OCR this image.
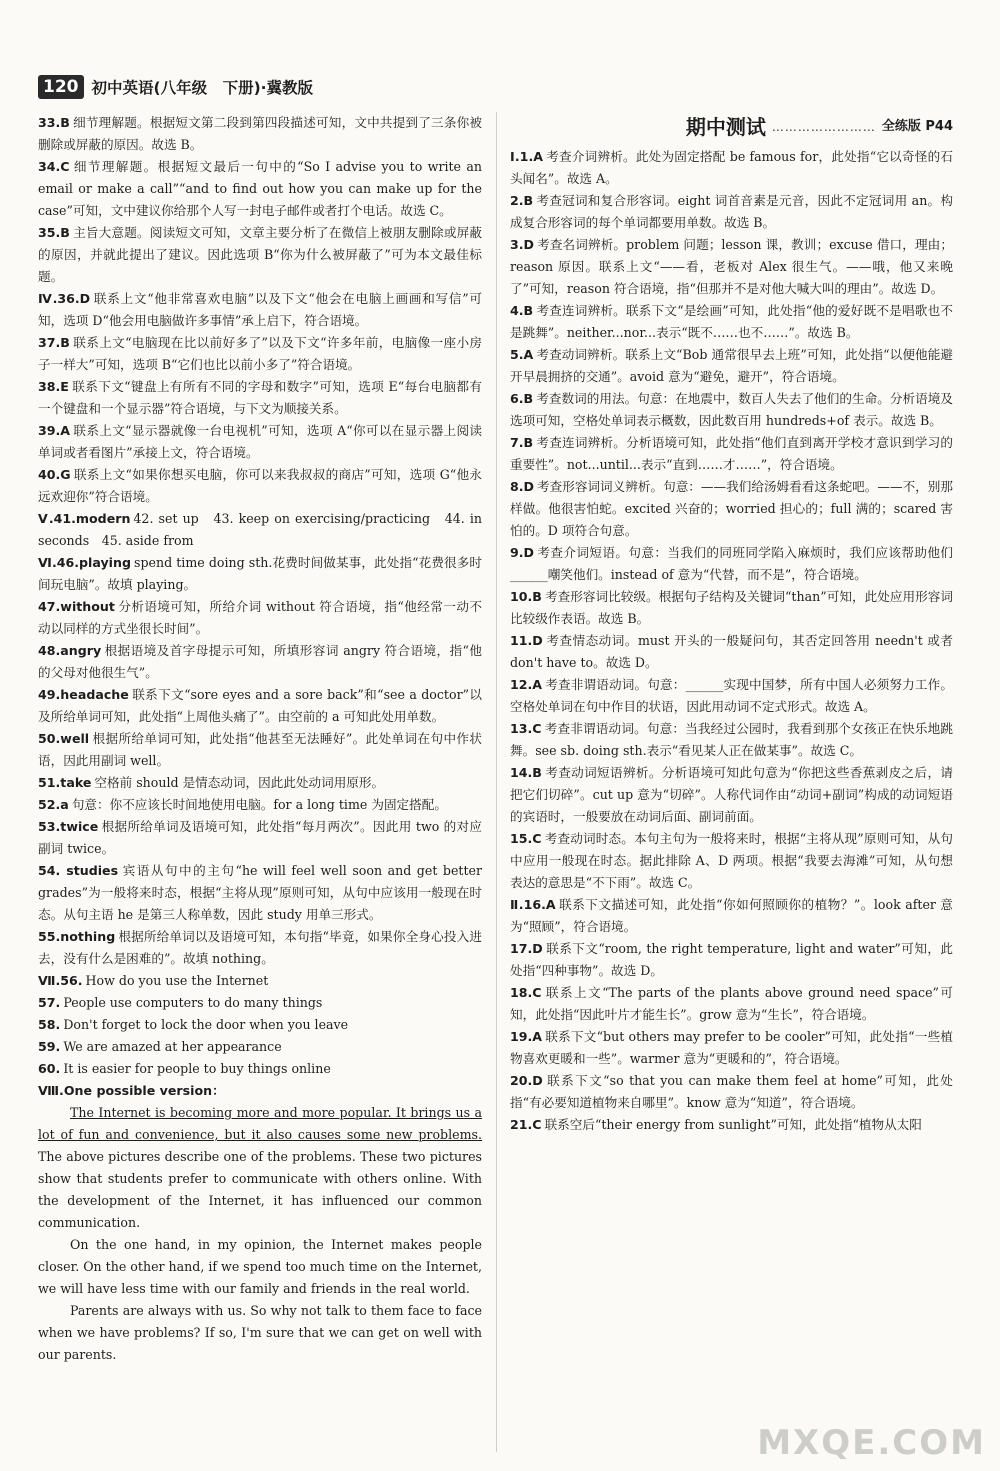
120 初中英语(八年级　下册)·冀教版

33.B 细节理解题。根据短文第二段到第四段描述可知，文中共提到了三条你被删除或屏蔽的原因。故选 B。

34.C 细节理解题。根据短文最后一句中的“So I advise you to write an email or make a call”“and to find out how you can make up for the case”可知，文中建议你给那个人写一封电子邮件或者打个电话。故选 C。

35.B 主旨大意题。阅读短文可知，文章主要分析了在微信上被朋友删除或屏蔽的原因，并就此提出了建议。因此选项 B“你为什么被屏蔽了”可为本文最佳标题。

Ⅳ.36.D 联系上文“他非常喜欢电脑”以及下文“他会在电脑上画画和写信”可知，选项 D“他会用电脑做许多事情”承上启下，符合语境。

37.B 联系上文“电脑现在比以前好多了”以及下文“许多年前，电脑像一座小房子一样大”可知，选项 B“它们也比以前小多了”符合语境。

38.E 联系下文“键盘上有所有不同的字母和数字”可知，选项 E“每台电脑都有一个键盘和一个显示器”符合语境，与下文为顺接关系。

39.A 联系上文“显示器就像一台电视机”可知，选项 A“你可以在显示器上阅读单词或者看图片”承接上文，符合语境。

40.G 联系上文“如果你想买电脑，你可以来我叔叔的商店”可知，选项 G“他永远欢迎你”符合语境。

Ⅴ.41.modern 42. set up　43. keep on exercising/practicing　44. in seconds　45. aside from

Ⅵ.46.playing spend time doing sth.花费时间做某事，此处指“花费很多时间玩电脑”。故填 playing。

47.without 分析语境可知，所给介词 without 符合语境，指“他经常一动不动以同样的方式坐很长时间”。

48.angry 根据语境及首字母提示可知，所填形容词 angry 符合语境，指“他的父母对他很生气”。

49.headache 联系下文“sore eyes and a sore back”和“see a doctor”以及所给单词可知，此处指“上周他头痛了”。由空前的 a 可知此处用单数。

50.well 根据所给单词可知，此处指“他甚至无法睡好”。此处单词在句中作状语，因此用副词 well。

51.take 空格前 should 是情态动词，因此此处动词用原形。

52.a 句意：你不应该长时间地使用电脑。for a long time 为固定搭配。

53.twice 根据所给单词及语境可知，此处指“每月两次”。因此用 two 的对应副词 twice。

54. studies 宾语从句中的主句“he will feel well soon and get better grades”为一般将来时态，根据“主将从现”原则可知，从句中应该用一般现在时态。从句主语 he 是第三人称单数，因此 study 用单三形式。

55.nothing 根据所给单词以及语境可知，本句指“毕竟，如果你全身心投入进去，没有什么是困难的”。故填 nothing。

Ⅶ.56. How do you use the Internet

57. People use computers to do many things

58. Don't forget to lock the door when you leave

59. We are amazed at her appearance

60. It is easier for people to buy things online

Ⅷ.One possible version：

The Internet is becoming more and more popular. It brings us a lot of fun and convenience, but it also causes some new problems. The above pictures describe one of the problems. These two pictures show that students prefer to communicate with others online. With the development of the Internet, it has influenced our common communication.

On the one hand, in my opinion, the Internet makes people closer. On the other hand, if we spend too much time on the Internet, we will have less time with our family and friends in the real world.

Parents are always with us. So why not talk to them face to face when we have problems? If so, I'm sure that we can get on well with our parents.

期中测试 …………………… 全练版 P44

Ⅰ.1.A 考查介词辨析。此处为固定搭配 be famous for，此处指“它以奇怪的石头闻名”。故选 A。

2.B 考查冠词和复合形容词。eight 词首音素是元音，因此不定冠词用 an。构成复合形容词的每个单词都要用单数。故选 B。

3.D 考查名词辨析。problem 问题；lesson 课，教训；excuse 借口，理由；reason 原因。联系上文“——看，老板对 Alex 很生气。——哦，他又来晚了”可知，reason 符合语境，指“但那并不是对他大喊大叫的理由”。故选 D。

4.B 考查连词辨析。联系下文“是绘画”可知，此处指“他的爱好既不是唱歌也不是跳舞”。neither...nor...表示“既不……也不……”。故选 B。

5.A 考查动词辨析。联系上文“Bob 通常很早去上班”可知，此处指“以便他能避开早晨拥挤的交通”。avoid 意为“避免，避开”，符合语境。

6.B 考查数词的用法。句意：在地震中，数百人失去了他们的生命。分析语境及选项可知，空格处单词表示概数，因此数百用 hundreds+of 表示。故选 B。

7.B 考查连词辨析。分析语境可知，此处指“他们直到离开学校才意识到学习的重要性”。not...until...表示“直到……才……”，符合语境。

8.D 考查形容词词义辨析。句意：——我们给汤姆看看这条蛇吧。——不，别那样做。他很害怕蛇。excited 兴奋的；worried 担心的；full 满的；scared 害怕的。D 项符合句意。

9.D 考查介词短语。句意：当我们的同班同学陷入麻烦时，我们应该帮助他们______嘲笑他们。instead of 意为“代替，而不是”，符合语境。

10.B 考查形容词比较级。根据句子结构及关键词“than”可知，此处应用形容词比较级作表语。故选 B。

11.D 考查情态动词。must 开头的一般疑问句，其否定回答用 needn't 或者 don't have to。故选 D。

12.A 考查非谓语动词。句意：______实现中国梦，所有中国人必须努力工作。空格处单词在句中作目的状语，因此用动词不定式形式。故选 A。

13.C 考查非谓语动词。句意：当我经过公园时，我看到那个女孩正在快乐地跳舞。see sb. doing sth.表示“看见某人正在做某事”。故选 C。

14.B 考查动词短语辨析。分析语境可知此句意为“你把这些香蕉剥皮之后，请把它们切碎”。cut up 意为“切碎”。人称代词作由“动词+副词”构成的动词短语的宾语时，一般要放在动词后面、副词前面。

15.C 考查动词时态。本句主句为一般将来时，根据“主将从现”原则可知，从句中应用一般现在时态。据此排除 A、D 两项。根据“我要去海滩”可知，从句想表达的意思是“不下雨”。故选 C。

Ⅱ.16.A 联系下文描述可知，此处指“你如何照顾你的植物？”。look after 意为“照顾”，符合语境。

17.D 联系下文“room, the right temperature, light and water”可知，此处指“四种事物”。故选 D。

18.C 联系上文“The parts of the plants above ground need space”可知，此处指“因此叶片才能生长”。grow 意为“生长”，符合语境。

19.A 联系下文“but others may prefer to be cooler”可知，此处指“一些植物喜欢更暖和一些”。warmer 意为“更暖和的”，符合语境。

20.D 联系下文“so that you can make them feel at home”可知，此处指“有必要知道植物来自哪里”。know 意为“知道”，符合语境。

21.C 联系空后“their energy from sunlight”可知，此处指“植物从太阳

MXQE.COM
